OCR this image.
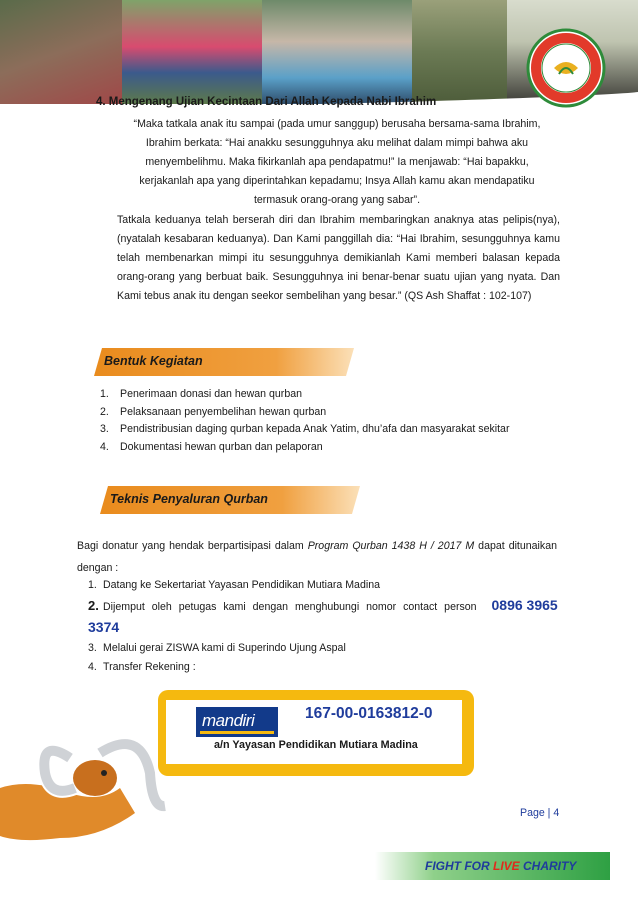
4. Mengenang Ujian Kecintaan Dari Allah Kepada Nabi Ibrahim
“Maka tatkala anak itu sampai (pada umur sanggup) berusaha bersama-sama Ibrahim,
Ibrahim berkata: “Hai anakku sesungguhnya aku melihat dalam mimpi bahwa aku
menyembelihmu. Maka fikirkanlah apa pendapatmu!” Ia menjawab: “Hai bapakku,
kerjakanlah apa yang diperintahkan kepadamu; Insya Allah kamu akan mendapatiku
termasuk orang-orang yang sabar”.
Tatkala keduanya telah berserah diri dan Ibrahim membaringkan anaknya atas pelipis(nya), (nyatalah kesabaran keduanya). Dan Kami panggillah dia: “Hai Ibrahim, sesungguhnya kamu telah membenarkan mimpi itu sesungguhnya demikianlah Kami memberi balasan kepada orang-orang yang berbuat baik. Sesungguhnya ini benar-benar suatu ujian yang nyata. Dan Kami tebus anak itu dengan seekor sembelihan yang besar.” (QS Ash Shaffat : 102-107)
Bentuk Kegiatan
1. Penerimaan donasi dan hewan qurban
2. Pelaksanaan penyembelihan hewan qurban
3. Pendistribusian daging qurban kepada Anak Yatim, dhu’afa dan masyarakat sekitar
4. Dokumentasi hewan qurban dan pelaporan
Teknis Penyaluran Qurban
Bagi donatur yang hendak berpartisipasi dalam Program Qurban 1438 H / 2017 M dapat ditunaikan dengan :
1. Datang ke Sekertariat Yayasan Pendidikan Mutiara Madina
2. Dijemput oleh petugas kami dengan menghubungi nomor contact person 0896 3965 3374
3. Melalui gerai ZISWA kami di Superindo Ujung Aspal
4. Transfer Rekening :
mandiri	167-00-0163812-0
a/n Yayasan Pendidikan Mutiara Madina
Page | 4
FIGHT FOR LIVE CHARITY
